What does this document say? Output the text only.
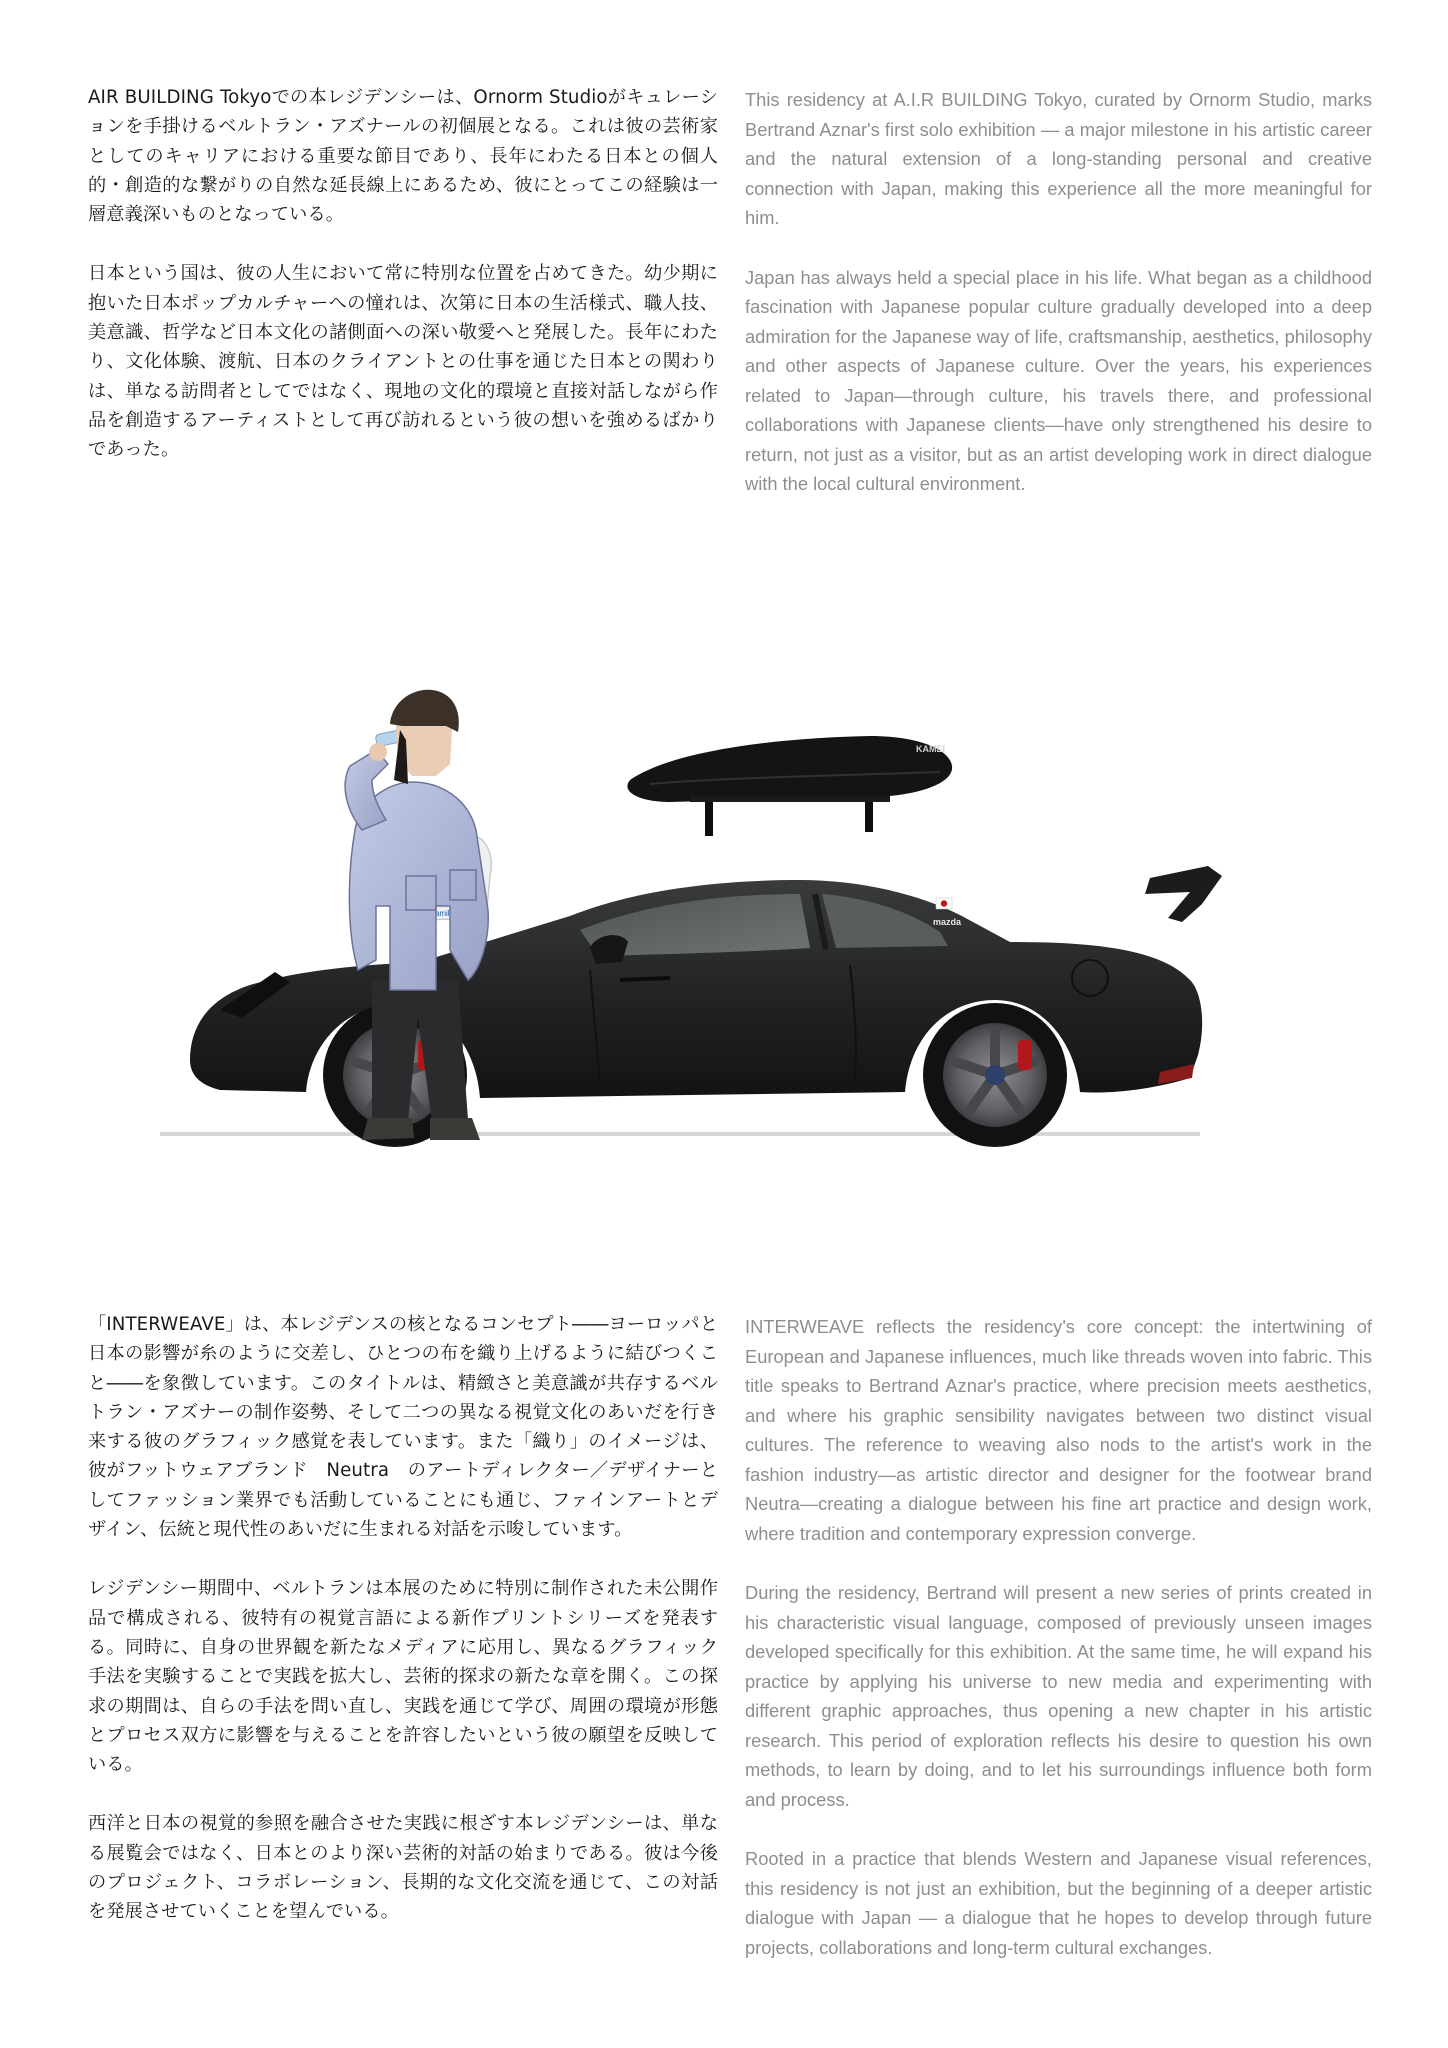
AIR BUILDING Tokyoでの本レジデンシーは、Ornorm Studioがキュレーションを手掛けるベルトラン・アズナールの初個展となる。これは彼の芸術家としてのキャリアにおける重要な節目であり、長年にわたる日本との個人的・創造的な繋がりの自然な延長線上にあるため、彼にとってこの経験は一層意義深いものとなっている。

日本という国は、彼の人生において常に特別な位置を占めてきた。幼少期に抱いた日本ポップカルチャーへの憧れは、次第に日本の生活様式、職人技、美意識、哲学など日本文化の諸側面への深い敬愛へと発展した。長年にわたり、文化体験、渡航、日本のクライアントとの仕事を通じた日本との関わりは、単なる訪問者としてではなく、現地の文化的環境と直接対話しながら作品を創造するアーティストとして再び訪れるという彼の想いを強めるばかりであった。

This residency at A.I.R BUILDING Tokyo, curated by Ornorm Studio, marks Bertrand Aznar's first solo exhibition — a major milestone in his artistic career and the natural extension of a long-standing personal and creative connection with Japan, making this experience all the more meaningful for him.

Japan has always held a special place in his life. What began as a childhood fascination with Japanese popular culture gradually developed into a deep admiration for the Japanese way of life, craftsmanship, aesthetics, philosophy and other aspects of Japanese culture. Over the years, his experiences related to Japan—through culture, his travels there, and professional collaborations with Japanese clients—have only strengthened his desire to return, not just as a visitor, but as an artist developing work in direct dialogue with the local cultural environment.

mazda
KAMEI

「INTERWEAVE」は、本レジデンスの核となるコンセプト――ヨーロッパと日本の影響が糸のように交差し、ひとつの布を織り上げるように結びつくこと――を象徴しています。このタイトルは、精緻さと美意識が共存するベルトラン・アズナーの制作姿勢、そして二つの異なる視覚文化のあいだを行き来する彼のグラフィック感覚を表しています。また「織り」のイメージは、彼がフットウェアブランド　Neutra　のアートディレクター／デザイナーとしてファッション業界でも活動していることにも通じ、ファインアートとデザイン、伝統と現代性のあいだに生まれる対話を示唆しています。

レジデンシー期間中、ベルトランは本展のために特別に制作された未公開作品で構成される、彼特有の視覚言語による新作プリントシリーズを発表する。同時に、自身の世界観を新たなメディアに応用し、異なるグラフィック手法を実験することで実践を拡大し、芸術的探求の新たな章を開く。この探求の期間は、自らの手法を問い直し、実践を通じて学び、周囲の環境が形態とプロセス双方に影響を与えることを許容したいという彼の願望を反映している。

西洋と日本の視覚的参照を融合させた実践に根ざす本レジデンシーは、単なる展覧会ではなく、日本とのより深い芸術的対話の始まりである。彼は今後のプロジェクト、コラボレーション、長期的な文化交流を通じて、この対話を発展させていくことを望んでいる。

INTERWEAVE reflects the residency's core concept: the intertwining of European and Japanese influences, much like threads woven into fabric. This title speaks to Bertrand Aznar's practice, where precision meets aesthetics, and where his graphic sensibility navigates between two distinct visual cultures. The reference to weaving also nods to the artist's work in the fashion industry—as artistic director and designer for the footwear brand Neutra—creating a dialogue between his fine art practice and design work, where tradition and contemporary expression converge.

During the residency, Bertrand will present a new series of prints created in his characteristic visual language, composed of previously unseen images developed specifically for this exhibition. At the same time, he will expand his practice by applying his universe to new media and experimenting with different graphic approaches, thus opening a new chapter in his artistic research. This period of exploration reflects his desire to question his own methods, to learn by doing, and to let his surroundings influence both form and process.

Rooted in a practice that blends Western and Japanese visual references, this residency is not just an exhibition, but the beginning of a deeper artistic dialogue with Japan — a dialogue that he hopes to develop through future projects, collaborations and long-term cultural exchanges.
